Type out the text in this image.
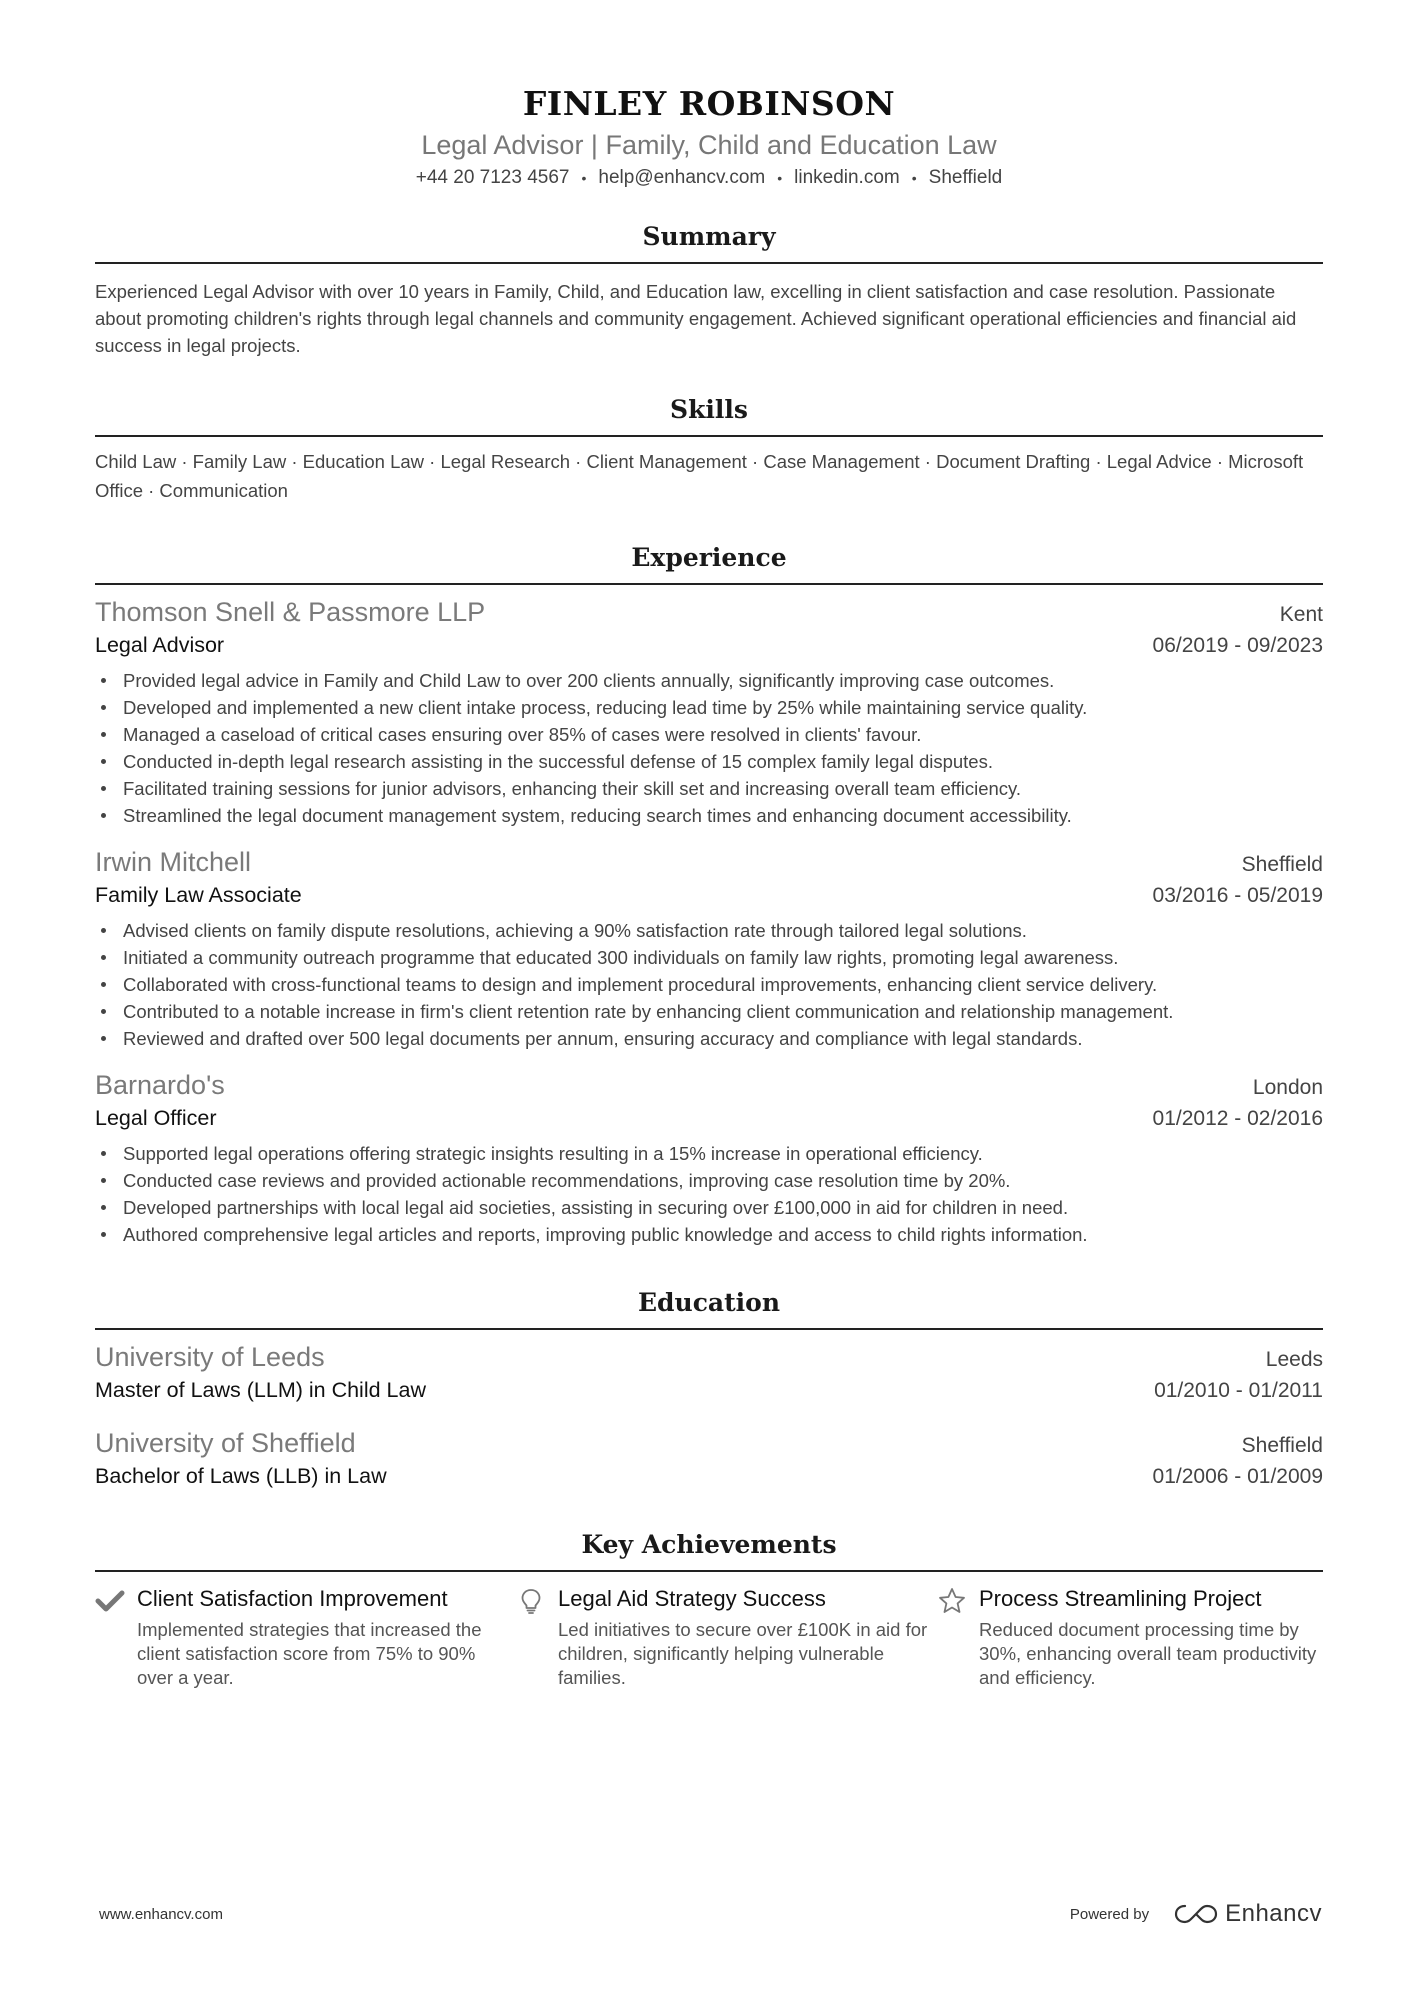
FINLEY ROBINSON
Legal Advisor | Family, Child and Education Law
+44 20 7123 4567 • help@enhancv.com • linkedin.com • Sheffield
Summary
Experienced Legal Advisor with over 10 years in Family, Child, and Education law, excelling in client satisfaction and case resolution. Passionate about promoting children's rights through legal channels and community engagement. Achieved significant operational efficiencies and financial aid success in legal projects.
Skills
Child Law · Family Law · Education Law · Legal Research · Client Management · Case Management · Document Drafting · Legal Advice · Microsoft Office · Communication
Experience
Thomson Snell & Passmore LLP	Kent
Legal Advisor	06/2019 - 09/2023
Provided legal advice in Family and Child Law to over 200 clients annually, significantly improving case outcomes.
Developed and implemented a new client intake process, reducing lead time by 25% while maintaining service quality.
Managed a caseload of critical cases ensuring over 85% of cases were resolved in clients' favour.
Conducted in-depth legal research assisting in the successful defense of 15 complex family legal disputes.
Facilitated training sessions for junior advisors, enhancing their skill set and increasing overall team efficiency.
Streamlined the legal document management system, reducing search times and enhancing document accessibility.
Irwin Mitchell	Sheffield
Family Law Associate	03/2016 - 05/2019
Advised clients on family dispute resolutions, achieving a 90% satisfaction rate through tailored legal solutions.
Initiated a community outreach programme that educated 300 individuals on family law rights, promoting legal awareness.
Collaborated with cross-functional teams to design and implement procedural improvements, enhancing client service delivery.
Contributed to a notable increase in firm's client retention rate by enhancing client communication and relationship management.
Reviewed and drafted over 500 legal documents per annum, ensuring accuracy and compliance with legal standards.
Barnardo's	London
Legal Officer	01/2012 - 02/2016
Supported legal operations offering strategic insights resulting in a 15% increase in operational efficiency.
Conducted case reviews and provided actionable recommendations, improving case resolution time by 20%.
Developed partnerships with local legal aid societies, assisting in securing over £100,000 in aid for children in need.
Authored comprehensive legal articles and reports, improving public knowledge and access to child rights information.
Education
University of Leeds	Leeds
Master of Laws (LLM) in Child Law	01/2010 - 01/2011
University of Sheffield	Sheffield
Bachelor of Laws (LLB) in Law	01/2006 - 01/2009
Key Achievements
Client Satisfaction Improvement
Implemented strategies that increased the client satisfaction score from 75% to 90% over a year.
Legal Aid Strategy Success
Led initiatives to secure over £100K in aid for children, significantly helping vulnerable families.
Process Streamlining Project
Reduced document processing time by 30%, enhancing overall team productivity and efficiency.
www.enhancv.com	Powered by	Enhancv
